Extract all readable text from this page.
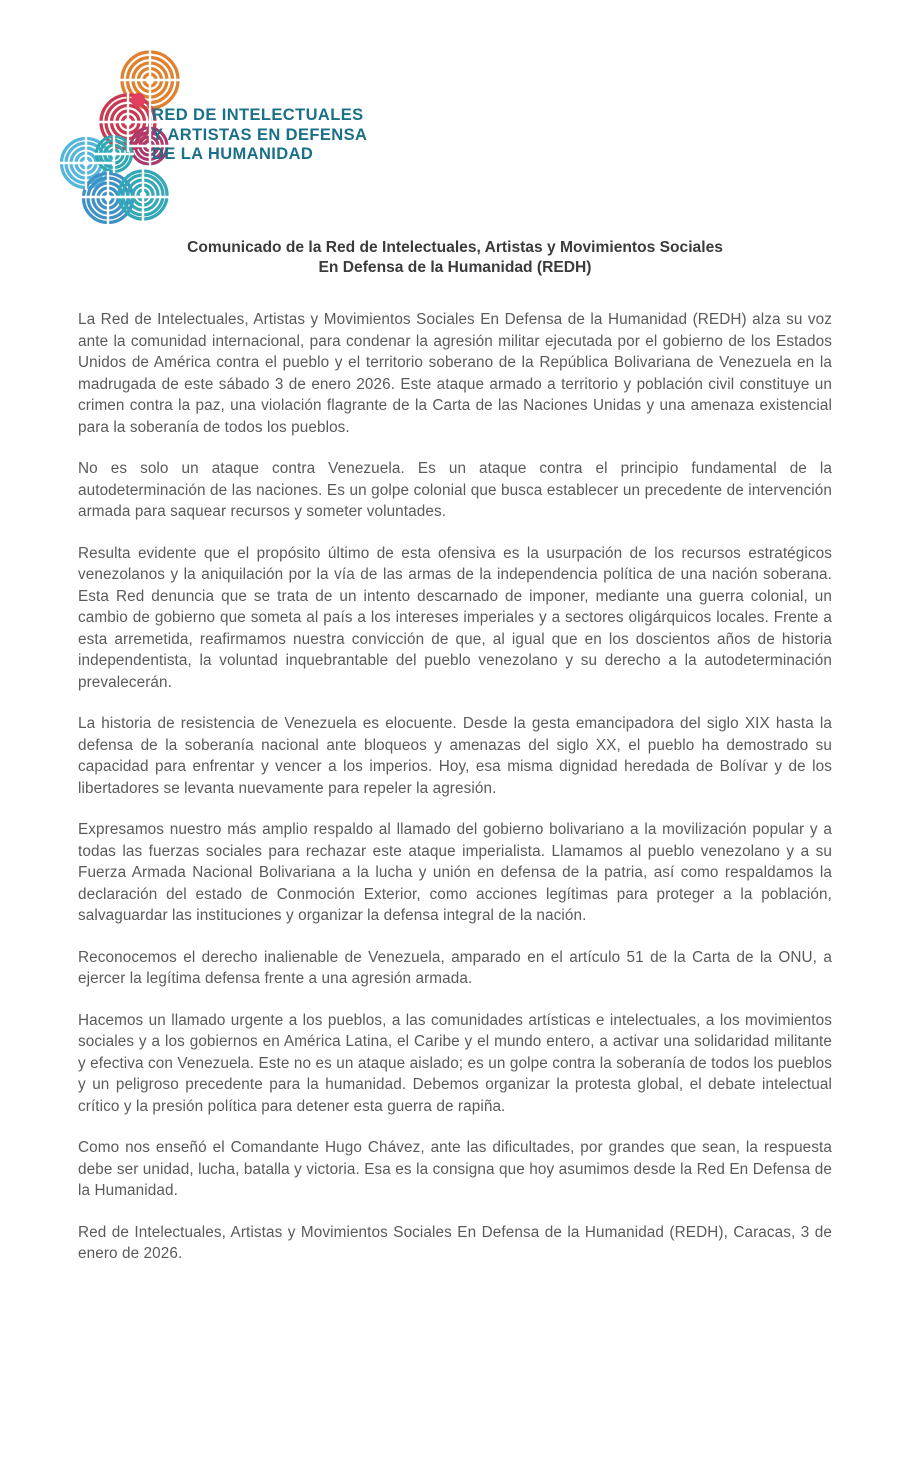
RED DE INTELECTUALES
Y ARTISTAS EN DEFENSA
DE LA HUMANIDAD
Comunicado de la Red de Intelectuales, Artistas y Movimientos Sociales
En Defensa de la Humanidad (REDH)

La Red de Intelectuales, Artistas y Movimientos Sociales En Defensa de la Humanidad (REDH) alza su voz ante la comunidad internacional, para condenar la agresión militar ejecutada por el gobierno de los Estados Unidos de América contra el pueblo y el territorio soberano de la República Bolivariana de Venezuela en la madrugada de este sábado 3 de enero 2026. Este ataque armado a territorio y población civil constituye un crimen contra la paz, una violación flagrante de la Carta de las Naciones Unidas y una amenaza existencial para la soberanía de todos los pueblos.

No es solo un ataque contra Venezuela. Es un ataque contra el principio fundamental de la autodeterminación de las naciones. Es un golpe colonial que busca establecer un precedente de intervención armada para saquear recursos y someter voluntades.

Resulta evidente que el propósito último de esta ofensiva es la usurpación de los recursos estratégicos venezolanos y la aniquilación por la vía de las armas de la independencia política de una nación soberana. Esta Red denuncia que se trata de un intento descarnado de imponer, mediante una guerra colonial, un cambio de gobierno que someta al país a los intereses imperiales y a sectores oligárquicos locales. Frente a esta arremetida, reafirmamos nuestra convicción de que, al igual que en los doscientos años de historia independentista, la voluntad inquebrantable del pueblo venezolano y su derecho a la autodeterminación prevalecerán.

La historia de resistencia de Venezuela es elocuente. Desde la gesta emancipadora del siglo XIX hasta la defensa de la soberanía nacional ante bloqueos y amenazas del siglo XX, el pueblo ha demostrado su capacidad para enfrentar y vencer a los imperios. Hoy, esa misma dignidad heredada de Bolívar y de los libertadores se levanta nuevamente para repeler la agresión.

Expresamos nuestro más amplio respaldo al llamado del gobierno bolivariano a la movilización popular y a todas las fuerzas sociales para rechazar este ataque imperialista. Llamamos al pueblo venezolano y a su Fuerza Armada Nacional Bolivariana a la lucha y unión en defensa de la patria, así como respaldamos la declaración del estado de Conmoción Exterior, como acciones legítimas para proteger a la población, salvaguardar las instituciones y organizar la defensa integral de la nación.

Reconocemos el derecho inalienable de Venezuela, amparado en el artículo 51 de la Carta de la ONU, a ejercer la legítima defensa frente a una agresión armada.

Hacemos un llamado urgente a los pueblos, a las comunidades artísticas e intelectuales, a los movimientos sociales y a los gobiernos en América Latina, el Caribe y el mundo entero, a activar una solidaridad militante y efectiva con Venezuela. Este no es un ataque aislado; es un golpe contra la soberanía de todos los pueblos y un peligroso precedente para la humanidad. Debemos organizar la protesta global, el debate intelectual crítico y la presión política para detener esta guerra de rapiña.

Como nos enseñó el Comandante Hugo Chávez, ante las dificultades, por grandes que sean, la respuesta debe ser unidad, lucha, batalla y victoria. Esa es la consigna que hoy asumimos desde la Red En Defensa de la Humanidad.

Red de Intelectuales, Artistas y Movimientos Sociales En Defensa de la Humanidad (REDH), Caracas, 3 de enero de 2026.
